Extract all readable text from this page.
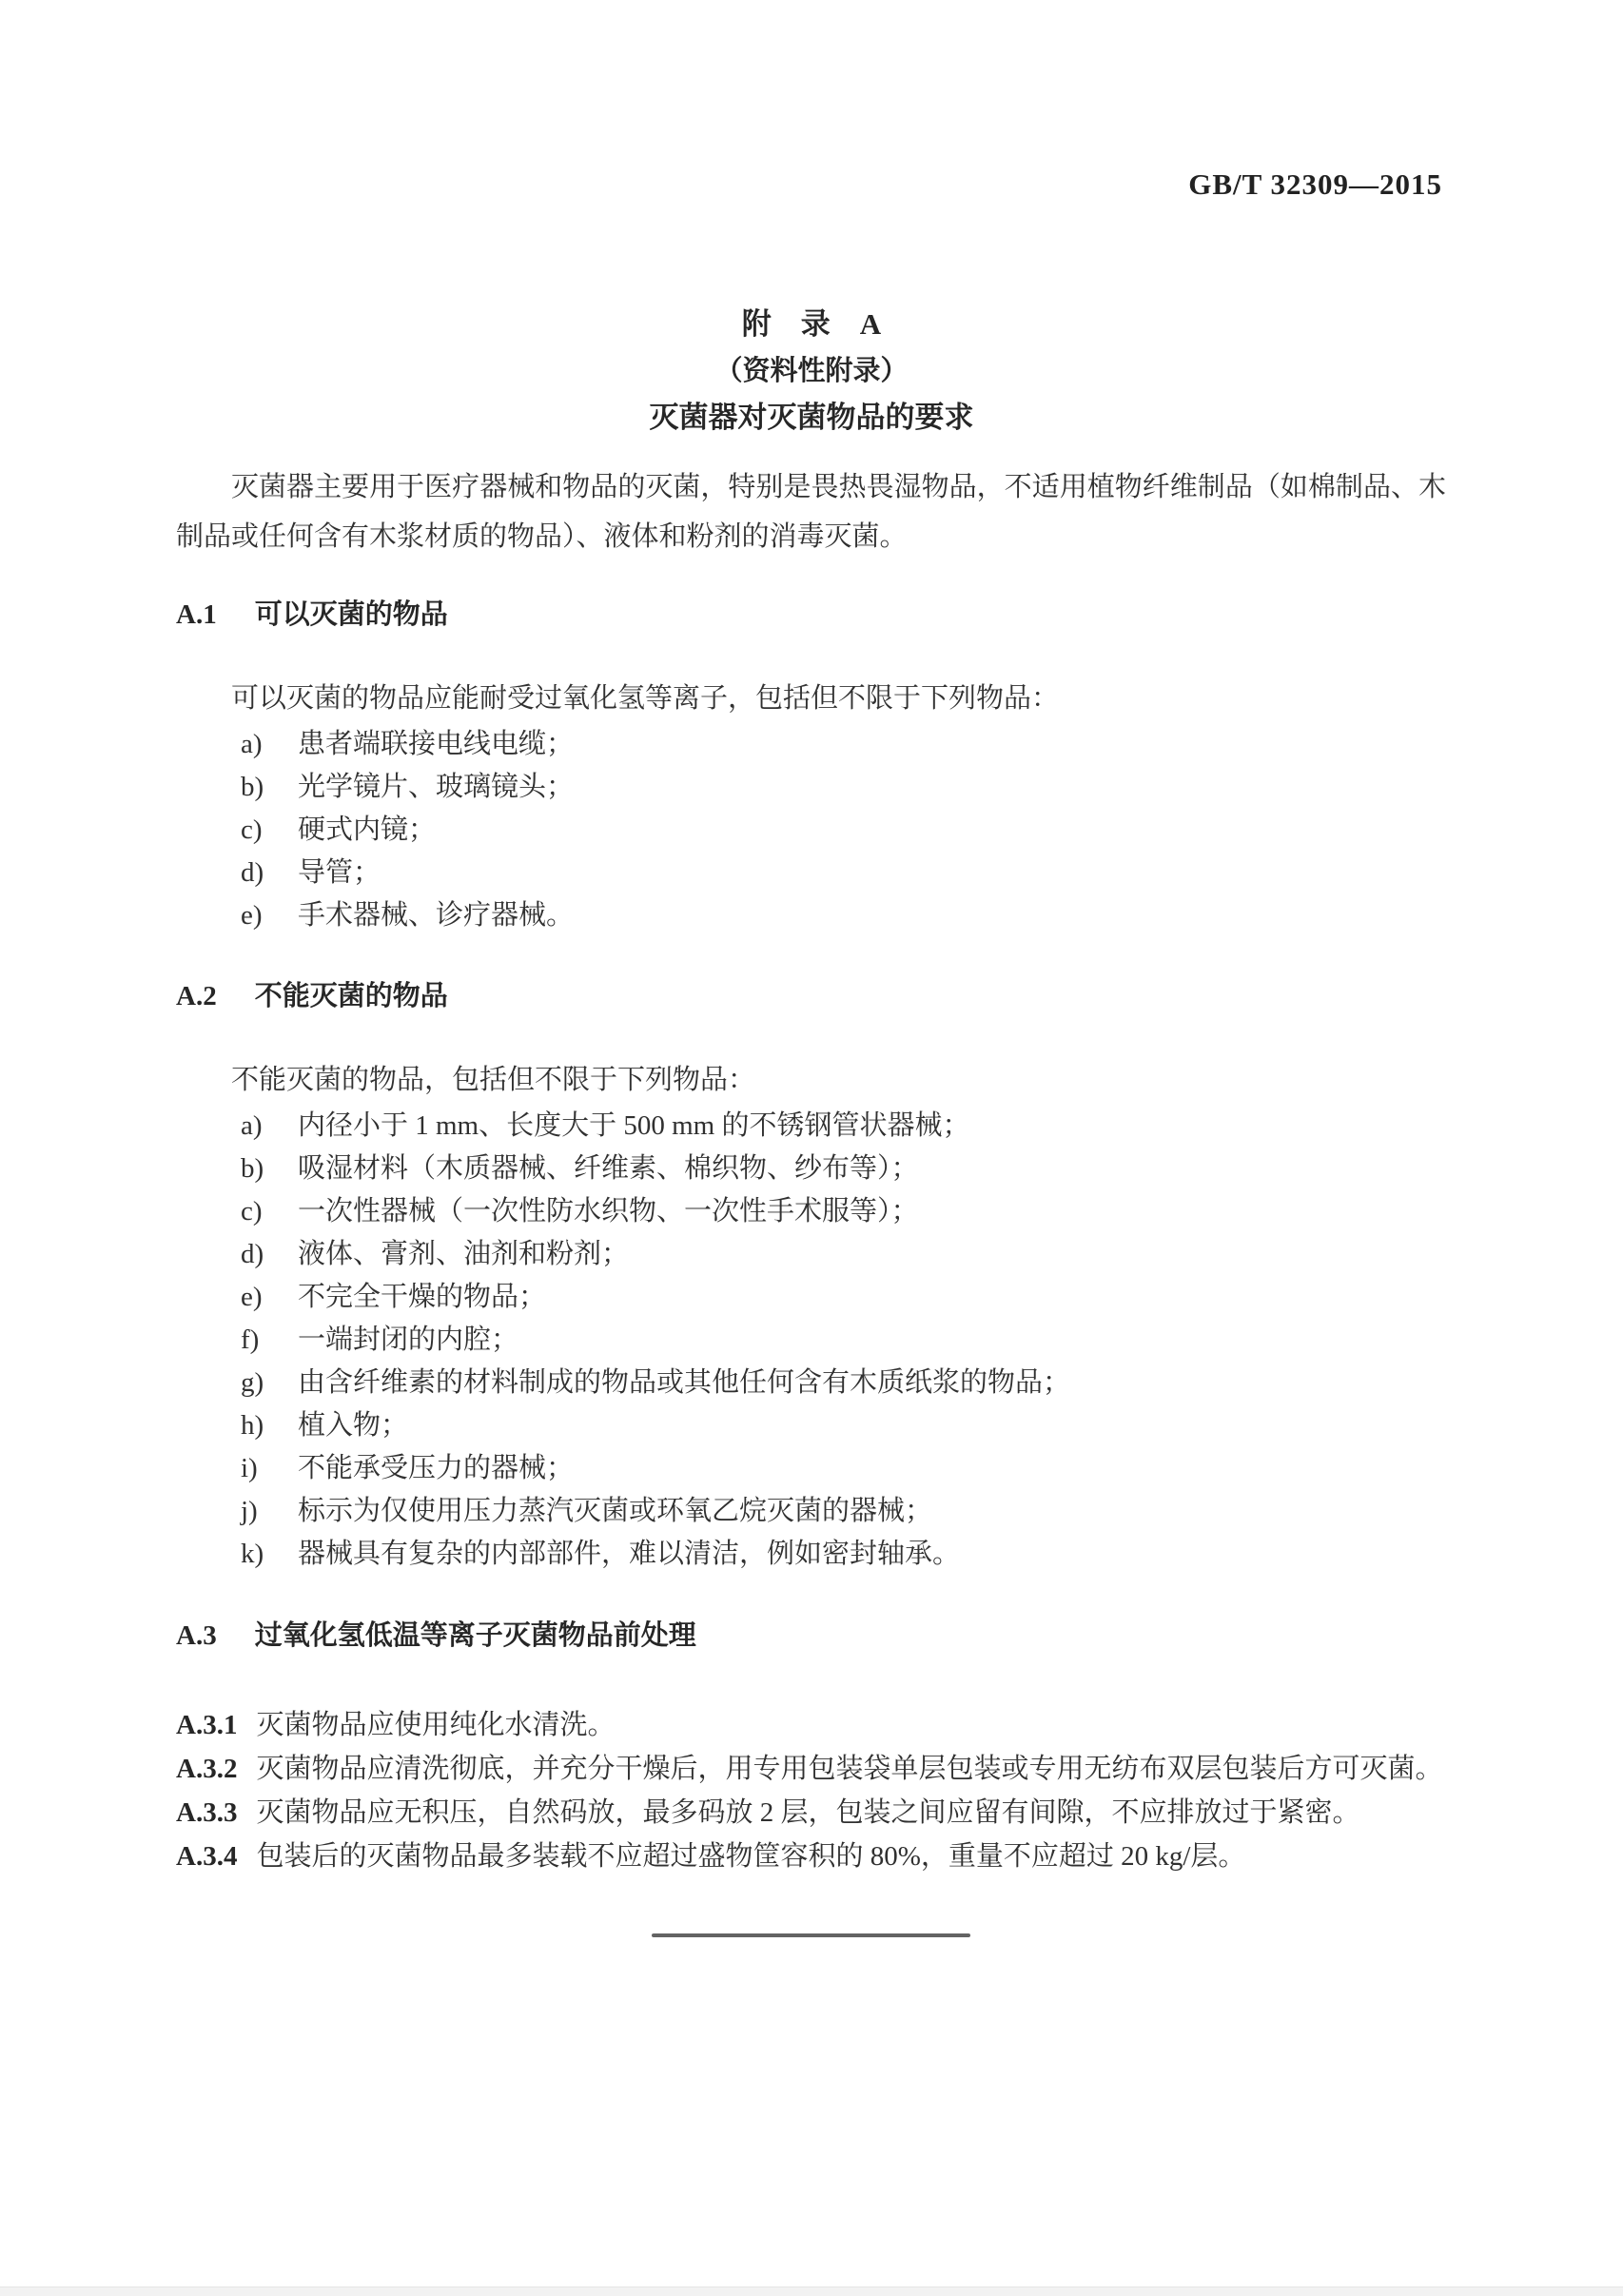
GB/T 32309—2015
附　录　A
（资料性附录）
灭菌器对灭菌物品的要求

灭菌器主要用于医疗器械和物品的灭菌，特别是畏热畏湿物品，不适用植物纤维制品（如棉制品、木制品或任何含有木浆材质的物品）、液体和粉剂的消毒灭菌。

A.1 可以灭菌的物品

可以灭菌的物品应能耐受过氧化氢等离子，包括但不限于下列物品：

a)	患者端联接电线电缆；
b)	光学镜片、玻璃镜头；
c)	硬式内镜；
d)	导管；
e)	手术器械、诊疗器械。
A.2 不能灭菌的物品

不能灭菌的物品，包括但不限于下列物品：

a)	内径小于 1 mm、长度大于 500 mm 的不锈钢管状器械；
b)	吸湿材料（木质器械、纤维素、棉织物、纱布等）；
c)	一次性器械（一次性防水织物、一次性手术服等）；
d)	液体、膏剂、油剂和粉剂；
e)	不完全干燥的物品；
f)	一端封闭的内腔；
g)	由含纤维素的材料制成的物品或其他任何含有木质纸浆的物品；
h)	植入物；
i)	不能承受压力的器械；
j)	标示为仅使用压力蒸汽灭菌或环氧乙烷灭菌的器械；
k)	器械具有复杂的内部部件，难以清洁，例如密封轴承。
A.3 过氧化氢低温等离子灭菌物品前处理

A.3.1 灭菌物品应使用纯化水清洗。

A.3.2 灭菌物品应清洗彻底，并充分干燥后，用专用包装袋单层包装或专用无纺布双层包装后方可灭菌。

A.3.3 灭菌物品应无积压，自然码放，最多码放 2 层，包装之间应留有间隙，不应排放过于紧密。

A.3.4 包装后的灭菌物品最多装载不应超过盛物筐容积的 80%，重量不应超过 20 kg/层。
